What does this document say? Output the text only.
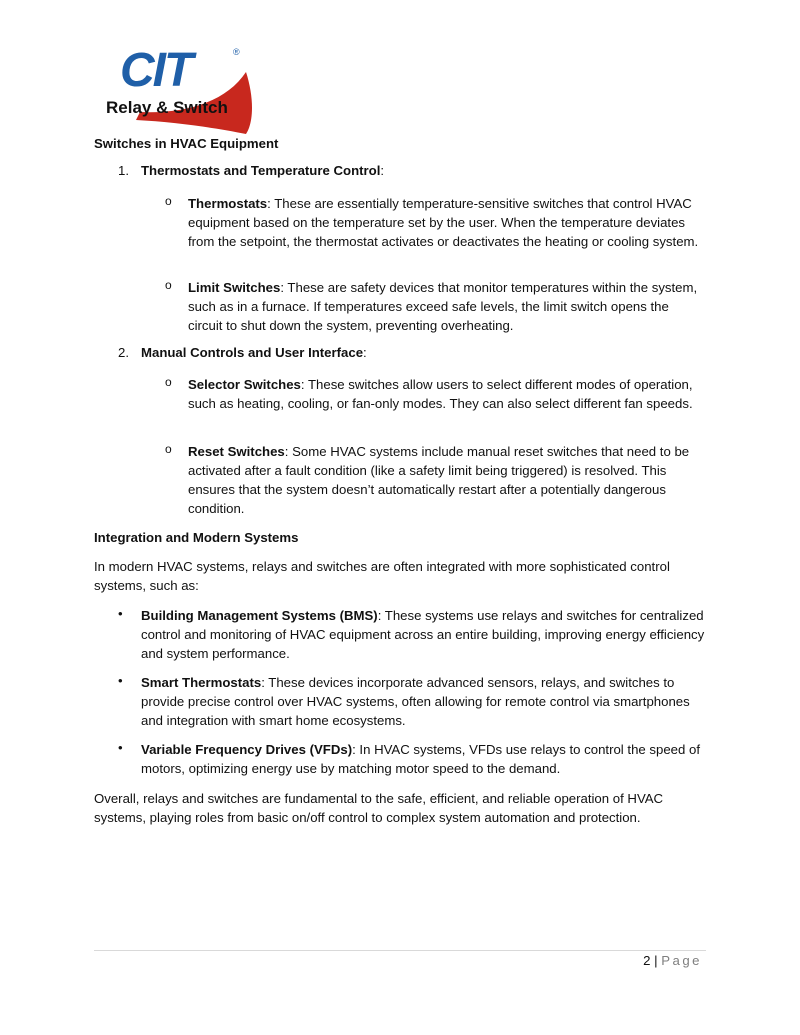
CIT	®
Relay & Switch

Switches in HVAC Equipment

1. Thermostats and Temperature Control:
o Thermostats: These are essentially temperature-sensitive switches that control HVAC equipment based on the temperature set by the user. When the temperature deviates from the setpoint, the thermostat activates or deactivates the heating or cooling system.
o Limit Switches: These are safety devices that monitor temperatures within the system, such as in a furnace. If temperatures exceed safe levels, the limit switch opens the circuit to shut down the system, preventing overheating.
2. Manual Controls and User Interface:
o Selector Switches: These switches allow users to select different modes of operation, such as heating, cooling, or fan-only modes. They can also select different fan speeds.
o Reset Switches: Some HVAC systems include manual reset switches that need to be activated after a fault condition (like a safety limit being triggered) is resolved. This ensures that the system doesn’t automatically restart after a potentially dangerous condition.

Integration and Modern Systems

In modern HVAC systems, relays and switches are often integrated with more sophisticated control systems, such as:

• Building Management Systems (BMS): These systems use relays and switches for centralized control and monitoring of HVAC equipment across an entire building, improving energy efficiency and system performance.
• Smart Thermostats: These devices incorporate advanced sensors, relays, and switches to provide precise control over HVAC systems, often allowing for remote control via smartphones and integration with smart home ecosystems.
• Variable Frequency Drives (VFDs): In HVAC systems, VFDs use relays to control the speed of motors, optimizing energy use by matching motor speed to the demand.

Overall, relays and switches are fundamental to the safe, efficient, and reliable operation of HVAC systems, playing roles from basic on/off control to complex system automation and protection.

2 | Page
